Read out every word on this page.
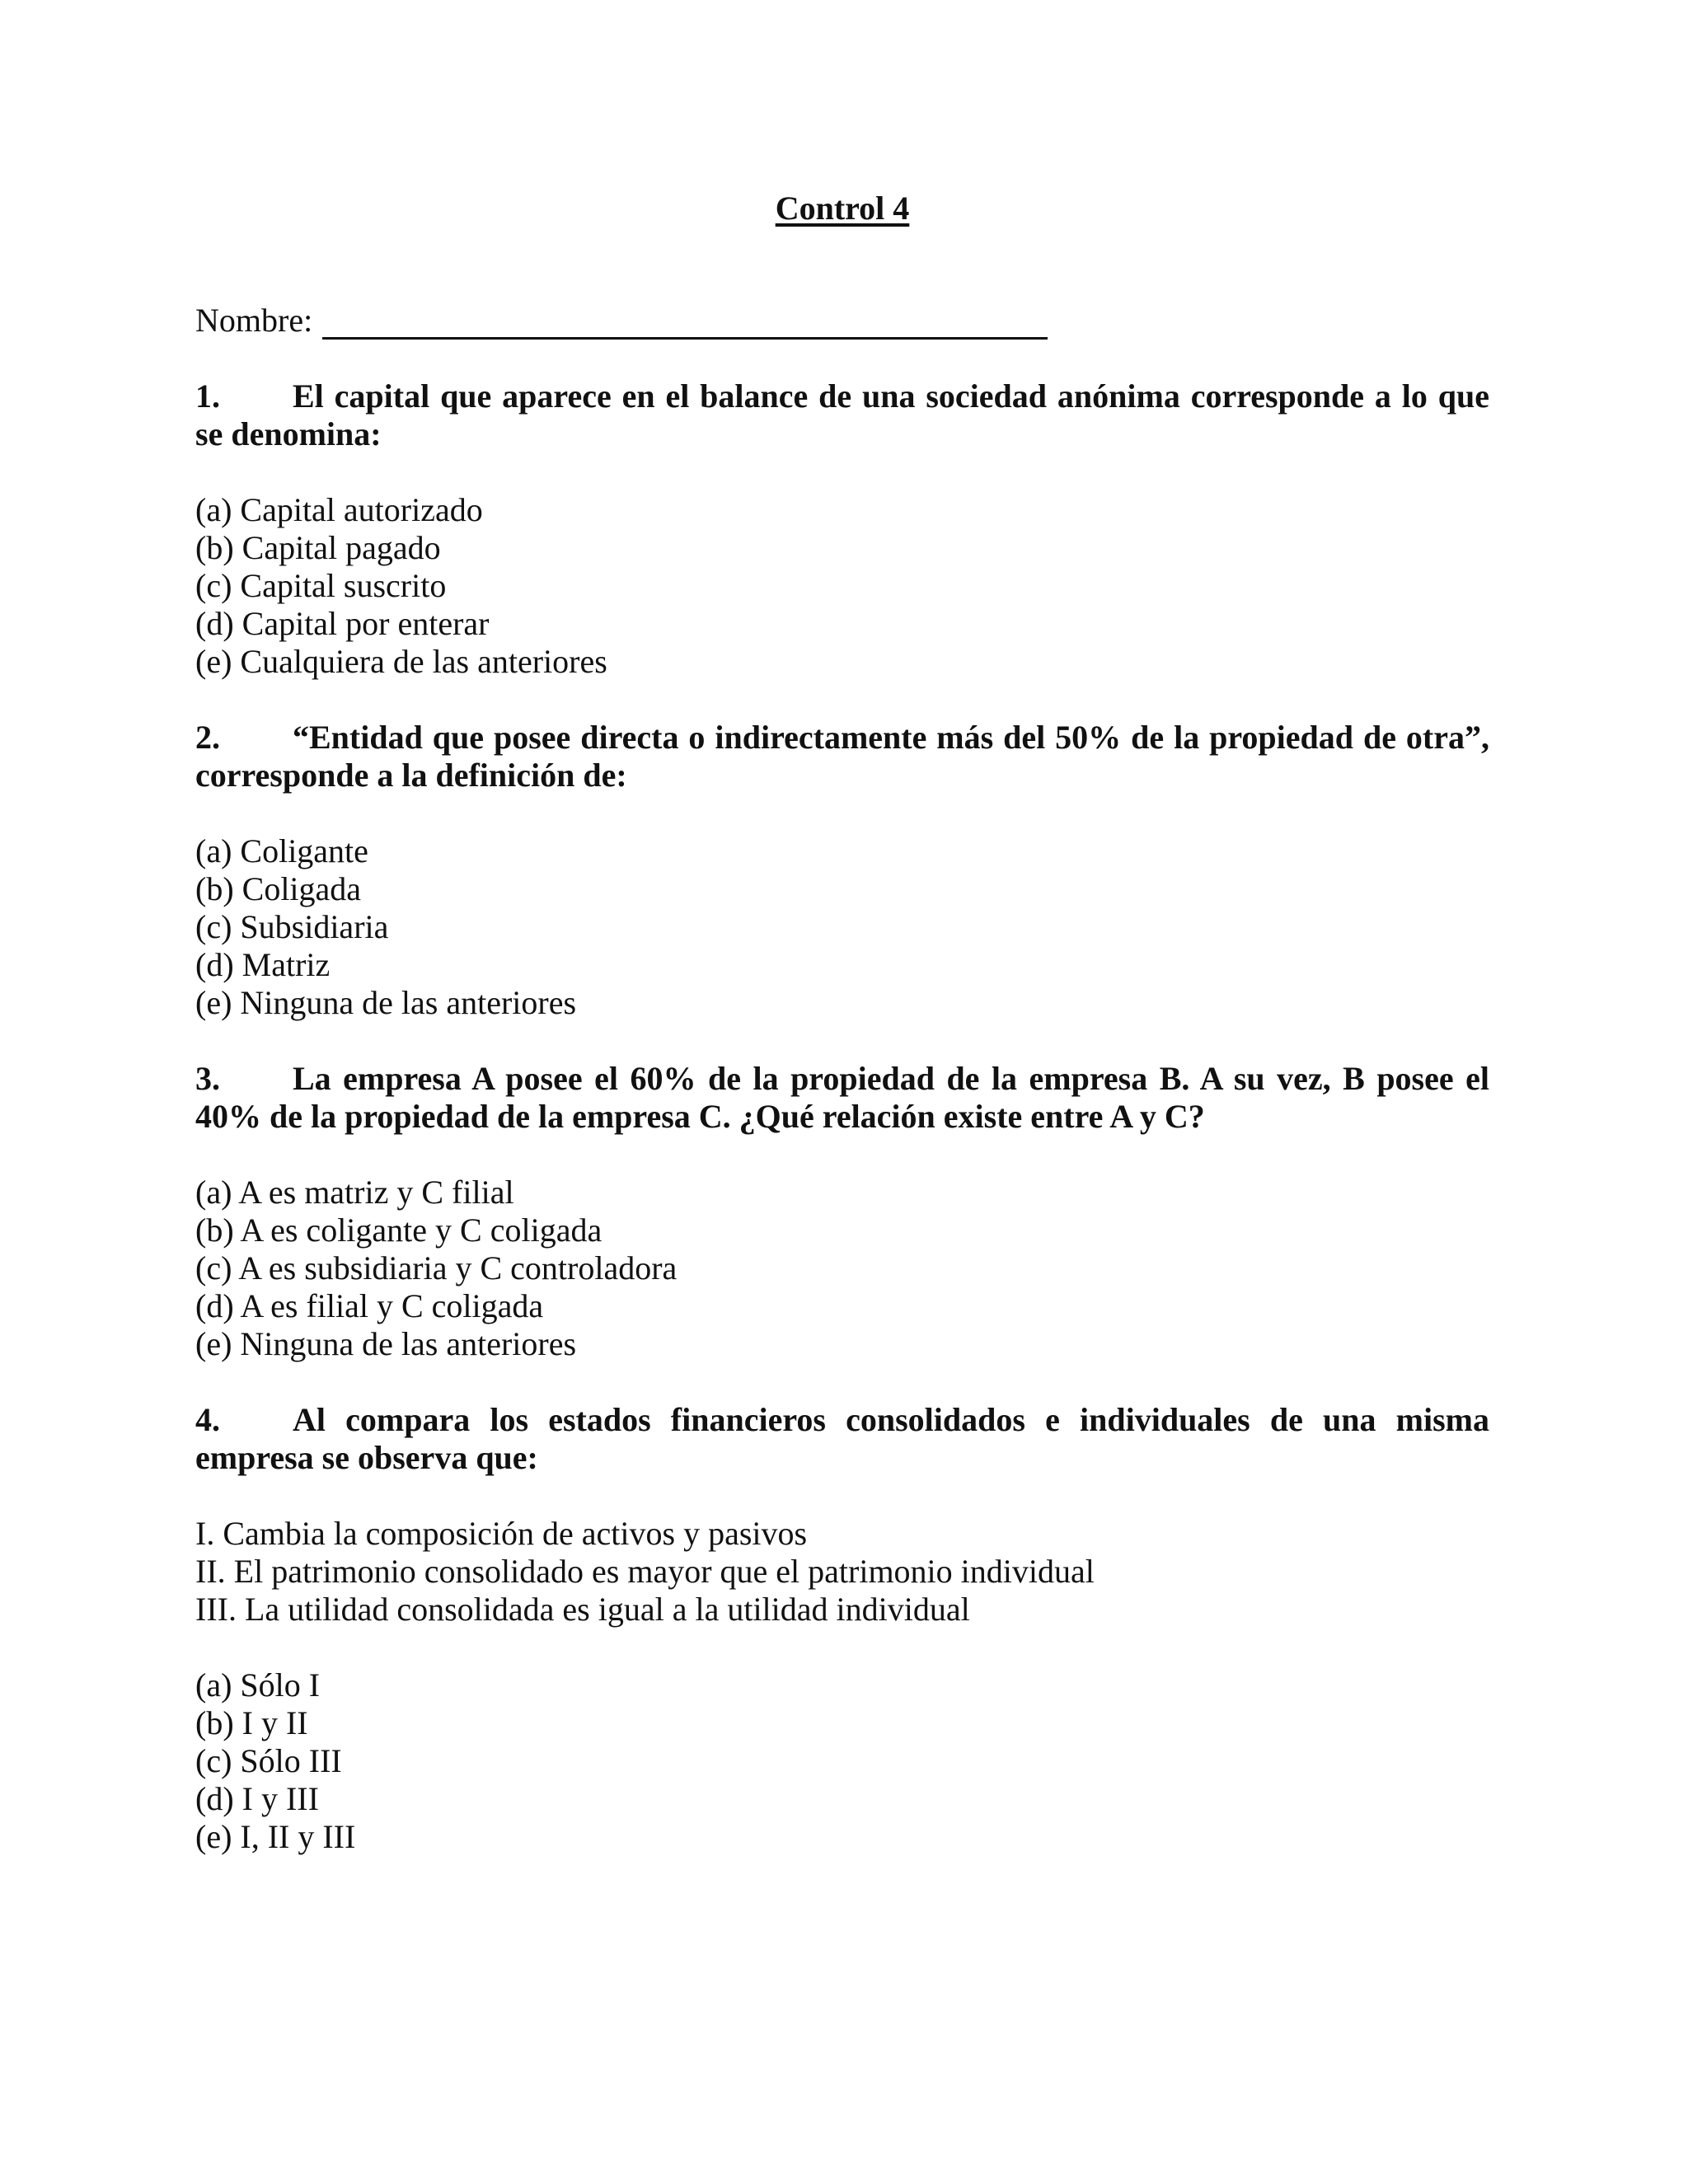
Control 4

Nombre:
1. El capital que aparece en el balance de una sociedad anónima corresponde a lo que se denomina:
(a) Capital autorizado
(b) Capital pagado
(c) Capital suscrito
(d) Capital por enterar
(e) Cualquiera de las anteriores
2. “Entidad que posee directa o indirectamente más del 50% de la propiedad de otra”, corresponde a la definición de:
(a) Coligante
(b) Coligada
(c) Subsidiaria
(d) Matriz
(e) Ninguna de las anteriores
3. La empresa A posee el 60% de la propiedad de la empresa B. A su vez, B posee el 40% de la propiedad de la empresa C. ¿Qué relación existe entre A y C?
(a) A es matriz y C filial
(b) A es coligante y C coligada
(c) A es subsidiaria y C controladora
(d) A es filial y C coligada
(e) Ninguna de las anteriores
4. Al compara los estados financieros consolidados e individuales de una misma empresa se observa que:
I. Cambia la composición de activos y pasivos
II. El patrimonio consolidado es mayor que el patrimonio individual
III. La utilidad consolidada es igual a la utilidad individual
(a) Sólo I
(b) I y II
(c) Sólo III
(d) I y III
(e) I, II y III
